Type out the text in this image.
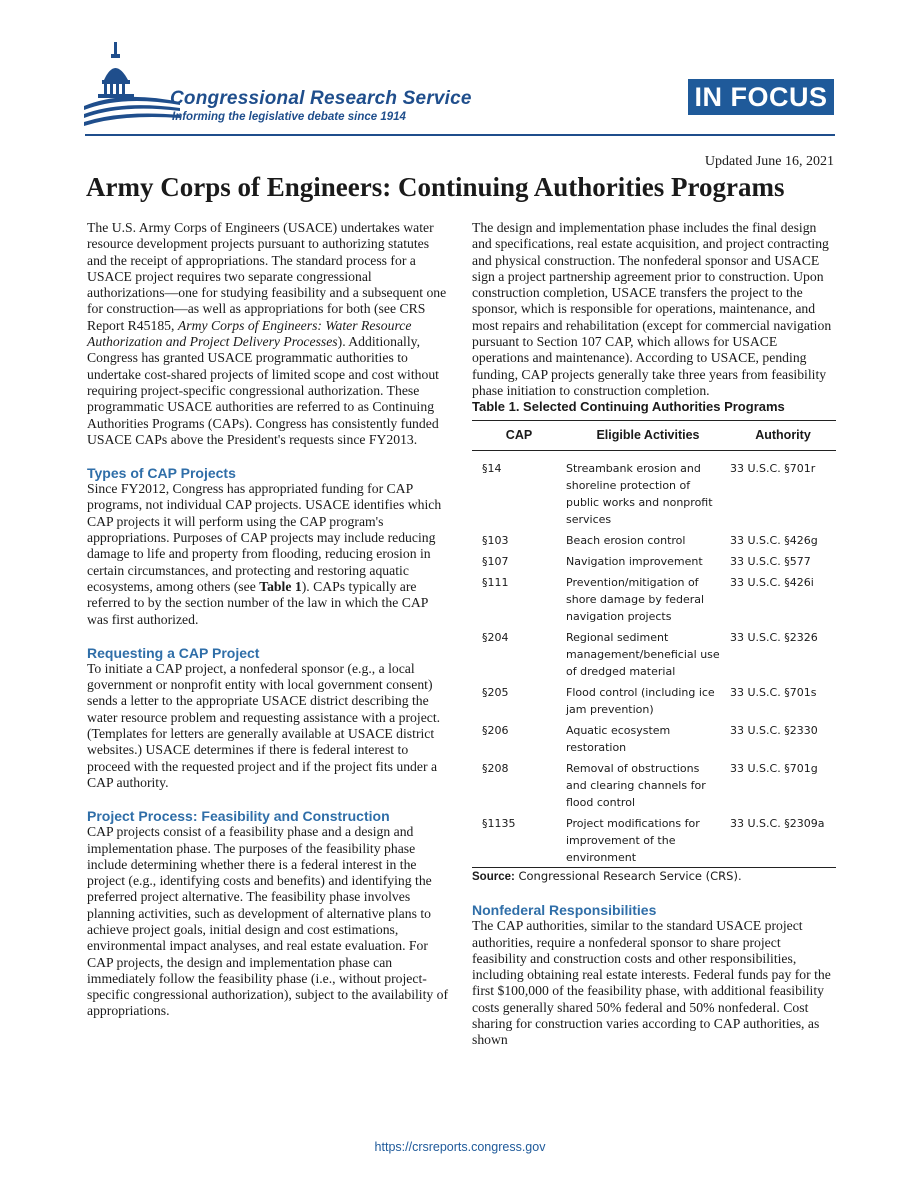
Congressional Research Service
Informing the legislative debate since 1914
IN FOCUS
Updated June 16, 2021
Army Corps of Engineers: Continuing Authorities Programs

The U.S. Army Corps of Engineers (USACE) undertakes water resource development projects pursuant to authorizing statutes and the receipt of appropriations. The standard process for a USACE project requires two separate congressional authorizations—one for studying feasibility and a subsequent one for construction—as well as appropriations for both (see CRS Report R45185, Army Corps of Engineers: Water Resource Authorization and Project Delivery Processes). Additionally, Congress has granted USACE programmatic authorities to undertake cost-shared projects of limited scope and cost without requiring project-specific congressional authorization. These programmatic USACE authorities are referred to as Continuing Authorities Programs (CAPs). Congress has consistently funded USACE CAPs above the President's requests since FY2013.

Types of CAP Projects

Since FY2012, Congress has appropriated funding for CAP programs, not individual CAP projects. USACE identifies which CAP projects it will perform using the CAP program's appropriations. Purposes of CAP projects may include reducing damage to life and property from flooding, reducing erosion in certain circumstances, and protecting and restoring aquatic ecosystems, among others (see Table 1). CAPs typically are referred to by the section number of the law in which the CAP was first authorized.

Requesting a CAP Project

To initiate a CAP project, a nonfederal sponsor (e.g., a local government or nonprofit entity with local government consent) sends a letter to the appropriate USACE district describing the water resource problem and requesting assistance with a project. (Templates for letters are generally available at USACE district websites.) USACE determines if there is federal interest to proceed with the requested project and if the project fits under a CAP authority.

Project Process: Feasibility and Construction

CAP projects consist of a feasibility phase and a design and implementation phase. The purposes of the feasibility phase include determining whether there is a federal interest in the project (e.g., identifying costs and benefits) and identifying the preferred project alternative. The feasibility phase involves planning activities, such as development of alternative plans to achieve project goals, initial design and cost estimations, environmental impact analyses, and real estate evaluation. For CAP projects, the design and implementation phase can immediately follow the feasibility phase (i.e., without project-specific congressional authorization), subject to the availability of appropriations.

The design and implementation phase includes the final design and specifications, real estate acquisition, and project contracting and physical construction. The nonfederal sponsor and USACE sign a project partnership agreement prior to construction. Upon construction completion, USACE transfers the project to the sponsor, which is responsible for operations, maintenance, and most repairs and rehabilitation (except for commercial navigation pursuant to Section 107 CAP, which allows for USACE operations and maintenance). According to USACE, pending funding, CAP projects generally take three years from feasibility phase initiation to construction completion.

Table 1. Selected Continuing Authorities Programs

CAP	Eligible Activities	Authority
§14	Streambank erosion and shoreline protection of public works and nonprofit services	33 U.S.C. §701r
§103	Beach erosion control	33 U.S.C. §426g
§107	Navigation improvement	33 U.S.C. §577
§111	Prevention/mitigation of shore damage by federal navigation projects	33 U.S.C. §426i
§204	Regional sediment management/beneficial use of dredged material	33 U.S.C. §2326
§205	Flood control (including ice jam prevention)	33 U.S.C. §701s
§206	Aquatic ecosystem restoration	33 U.S.C. §2330
§208	Removal of obstructions and clearing channels for flood control	33 U.S.C. §701g
§1135	Project modifications for improvement of the environment	33 U.S.C. §2309a

Source: Congressional Research Service (CRS).

Nonfederal Responsibilities

The CAP authorities, similar to the standard USACE project authorities, require a nonfederal sponsor to share project feasibility and construction costs and other responsibilities, including obtaining real estate interests. Federal funds pay for the first $100,000 of the feasibility phase, with additional feasibility costs generally shared 50% federal and 50% nonfederal. Cost sharing for construction varies according to CAP authorities, as shown

https://crsreports.congress.gov
